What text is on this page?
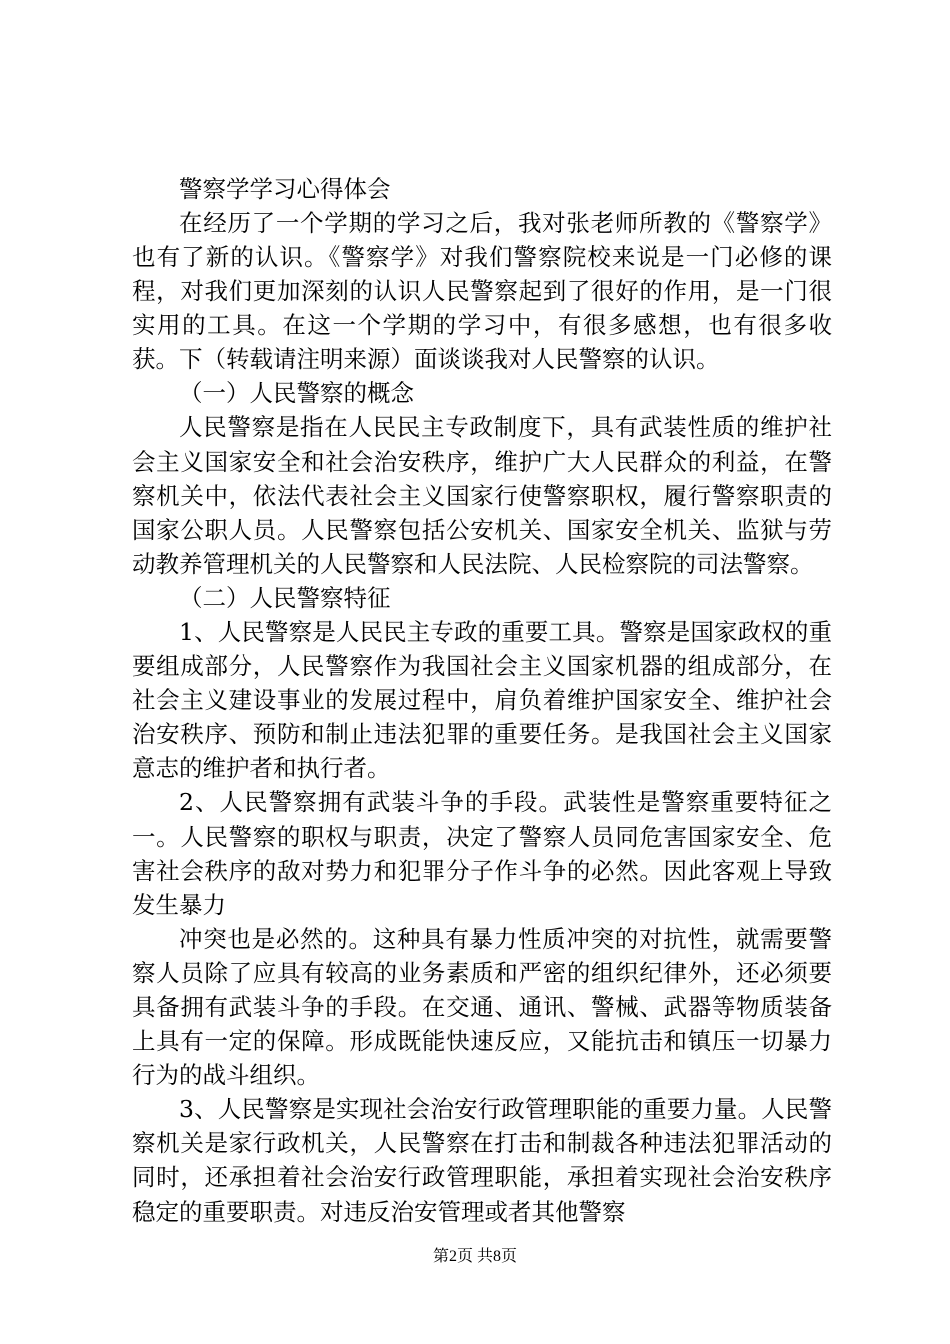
警察学学习心得体会

在经历了一个学期的学习之后，我对张老师所教的《警察学》也有了新的认识。《警察学》对我们警察院校来说是一门必修的课程，对我们更加深刻的认识人民警察起到了很好的作用，是一门很实用的工具。在这一个学期的学习中，有很多感想，也有很多收获。下（转载请注明来源）面谈谈我对人民警察的认识。

（一）人民警察的概念

人民警察是指在人民民主专政制度下，具有武装性质的维护社会主义国家安全和社会治安秩序，维护广大人民群众的利益，在警察机关中，依法代表社会主义国家行使警察职权，履行警察职责的国家公职人员。人民警察包括公安机关、国家安全机关、监狱与劳动教养管理机关的人民警察和人民法院、人民检察院的司法警察。

（二）人民警察特征

1、人民警察是人民民主专政的重要工具。警察是国家政权的重要组成部分，人民警察作为我国社会主义国家机器的组成部分，在社会主义建设事业的发展过程中，肩负着维护国家安全、维护社会治安秩序、预防和制止违法犯罪的重要任务。是我国社会主义国家意志的维护者和执行者。

2、人民警察拥有武装斗争的手段。武装性是警察重要特征之一。人民警察的职权与职责，决定了警察人员同危害国家安全、危害社会秩序的敌对势力和犯罪分子作斗争的必然。因此客观上导致发生暴力

冲突也是必然的。这种具有暴力性质冲突的对抗性，就需要警察人员除了应具有较高的业务素质和严密的组织纪律外，还必须要具备拥有武装斗争的手段。在交通、通讯、警械、武器等物质装备上具有一定的保障。形成既能快速反应，又能抗击和镇压一切暴力行为的战斗组织。

3、人民警察是实现社会治安行政管理职能的重要力量。人民警察机关是家行政机关，人民警察在打击和制裁各种违法犯罪活动的同时，还承担着社会治安行政管理职能，承担着实现社会治安秩序稳定的重要职责。对违反治安管理或者其他警察

第2页 共8页
